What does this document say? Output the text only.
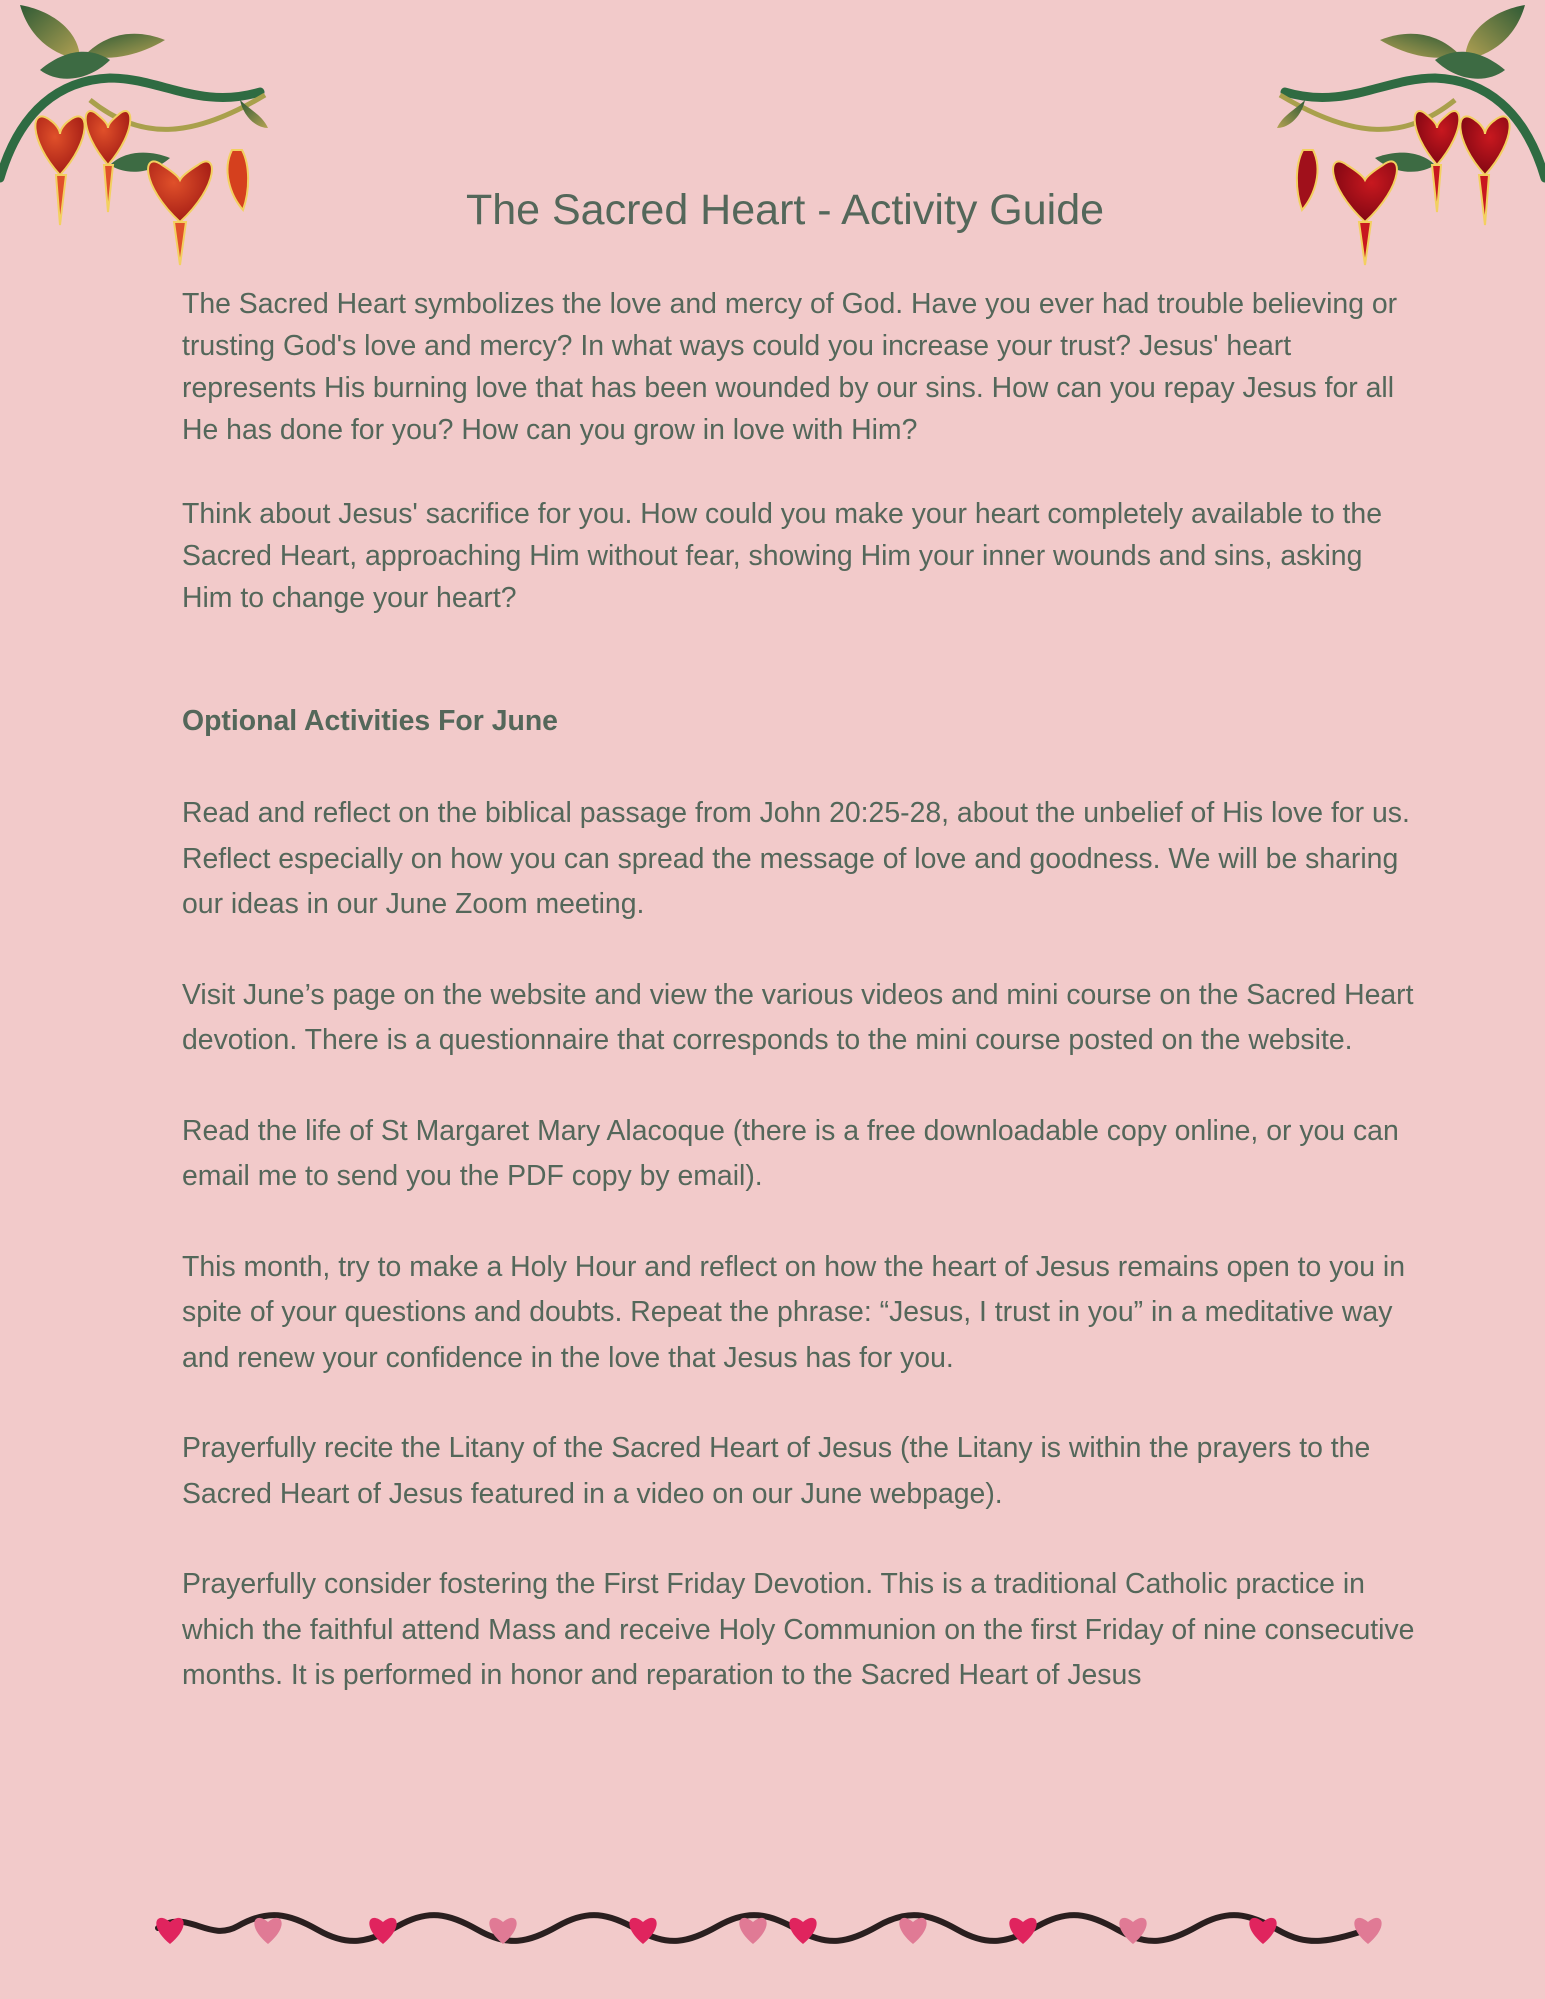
The Sacred Heart - Activity Guide

The Sacred Heart symbolizes the love and mercy of God. Have you ever had trouble believing or trusting God's love and mercy? In what ways could you increase your trust? Jesus' heart represents His burning love that has been wounded by our sins. How can you repay Jesus for all He has done for you? How can you grow in love with Him?

Think about Jesus' sacrifice for you. How could you make your heart completely available to the Sacred Heart, approaching Him without fear, showing Him your inner wounds and sins, asking Him to change your heart?

Optional Activities For June

Read and reflect on the biblical passage from John 20:25-28, about the unbelief of His love for us. Reflect especially on how you can spread the message of love and goodness. We will be sharing our ideas in our June Zoom meeting.

Visit June’s page on the website and view the various videos and mini course on the Sacred Heart devotion. There is a questionnaire that corresponds to the mini course posted on the website.

Read the life of St Margaret Mary Alacoque (there is a free downloadable copy online, or you can email me to send you the PDF copy by email).

This month, try to make a Holy Hour and reflect on how the heart of Jesus remains open to you in spite of your questions and doubts. Repeat the phrase: “Jesus, I trust in you” in a meditative way and renew your confidence in the love that Jesus has for you.

Prayerfully recite the Litany of the Sacred Heart of Jesus (the Litany is within the prayers to the Sacred Heart of Jesus featured in a video on our June webpage).

Prayerfully consider fostering the First Friday Devotion. This is a traditional Catholic practice in which the faithful attend Mass and receive Holy Communion on the first Friday of nine consecutive months. It is performed in honor and reparation to the Sacred Heart of Jesus
